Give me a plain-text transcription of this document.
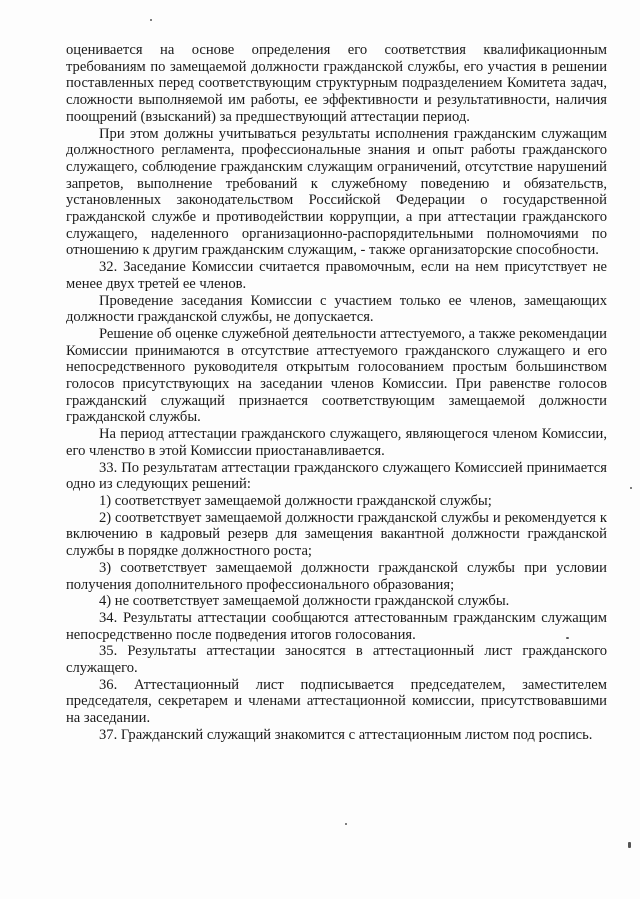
оценивается на основе определения его соответствия квалификационным требованиям по замещаемой должности гражданской службы, его участия в решении поставленных перед соответствующим структурным подразделением Комитета задач, сложности выполняемой им работы, ее эффективности и результативности, наличия поощрений (взысканий) за предшествующий аттестации период.

При этом должны учитываться результаты исполнения гражданским служащим должностного регламента, профессиональные знания и опыт работы гражданского служащего, соблюдение гражданским служащим ограничений, отсутствие нарушений запретов, выполнение требований к служебному поведению и обязательств, установленных законодательством Российской Федерации о государственной гражданской службе и противодействии коррупции, а при аттестации гражданского служащего, наделенного организационно-распорядительными полномочиями по отношению к другим гражданским служащим, - также организаторские способности.

32. Заседание Комиссии считается правомочным, если на нем присутствует не менее двух третей ее членов.

Проведение заседания Комиссии с участием только ее членов, замещающих должности гражданской службы, не допускается.

Решение об оценке служебной деятельности аттестуемого, а также рекомендации Комиссии принимаются в отсутствие аттестуемого гражданского служащего и его непосредственного руководителя открытым голосованием простым большинством голосов присутствующих на заседании членов Комиссии. При равенстве голосов гражданский служащий признается соответствующим замещаемой должности гражданской службы.

На период аттестации гражданского служащего, являющегося членом Комиссии, его членство в этой Комиссии приостанавливается.

33. По результатам аттестации гражданского служащего Комиссией принимается одно из следующих решений:

1) соответствует замещаемой должности гражданской службы;

2) соответствует замещаемой должности гражданской службы и рекомендуется к включению в кадровый резерв для замещения вакантной должности гражданской службы в порядке должностного роста;

3) соответствует замещаемой должности гражданской службы при условии получения дополнительного профессионального образования;

4) не соответствует замещаемой должности гражданской службы.

34. Результаты аттестации сообщаются аттестованным гражданским служащим непосредственно после подведения итогов голосования.

35. Результаты аттестации заносятся в аттестационный лист гражданского служащего.

36. Аттестационный лист подписывается председателем, заместителем председателя, секретарем и членами аттестационной комиссии, присутствовавшими на заседании.

37. Гражданский служащий знакомится с аттестационным листом под роспись.
